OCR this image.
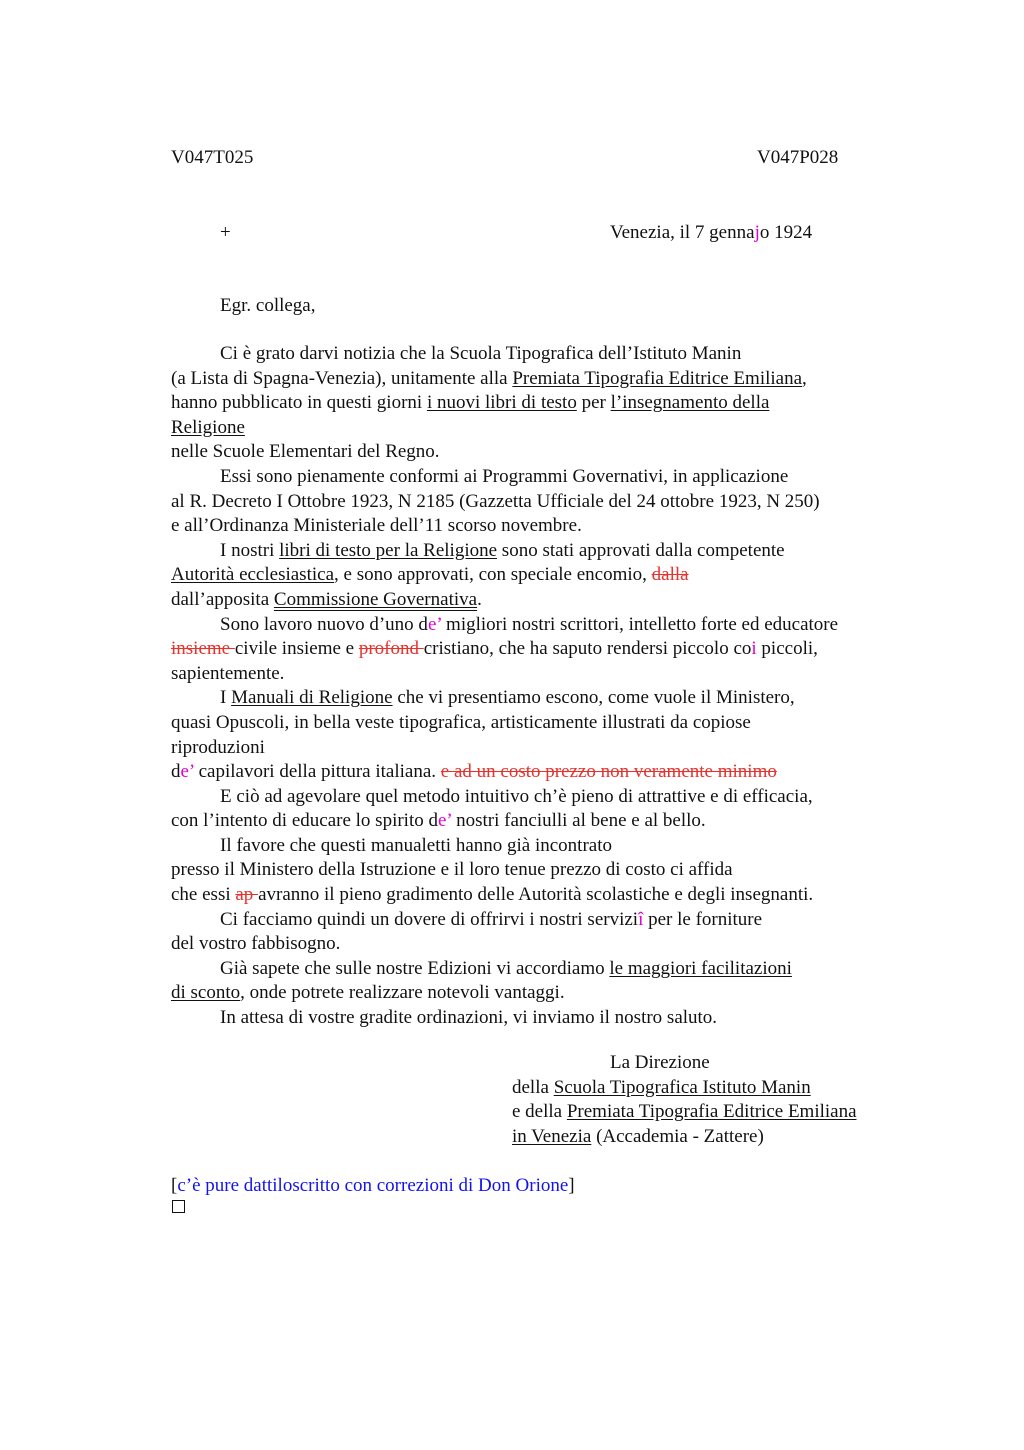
V047T025	V047P028
+	Venezia, il 7 gennajo 1924
Egr. collega,
Ci è grato darvi notizia che la Scuola Tipografica dell’Istituto Manin
(a Lista di Spagna-Venezia), unitamente alla Premiata Tipografia Editrice Emiliana,
hanno pubblicato in questi giorni i nuovi libri di testo per l’insegnamento della
Religione
nelle Scuole Elementari del Regno.
Essi sono pienamente conformi ai Programmi Governativi, in applicazione
al R. Decreto I Ottobre 1923, N 2185 (Gazzetta Ufficiale del 24 ottobre 1923, N 250)
e all’Ordinanza Ministeriale dell’11 scorso novembre.
I nostri libri di testo per la Religione sono stati approvati dalla competente
Autorità ecclesiastica, e sono approvati, con speciale encomio, dalla
dall’apposita Commissione Governativa.
Sono lavoro nuovo d’uno de’ migliori nostri scrittori, intelletto forte ed educatore
insieme civile insieme e profond cristiano, che ha saputo rendersi piccolo coi piccoli,
sapientemente.
I Manuali di Religione che vi presentiamo escono, come vuole il Ministero,
quasi Opuscoli, in bella veste tipografica, artisticamente illustrati da copiose
riproduzioni
de’ capilavori della pittura italiana. e ad un costo prezzo non veramente minimo
E ciò ad agevolare quel metodo intuitivo ch’è pieno di attrattive e di efficacia,
con l’intento di educare lo spirito de’ nostri fanciulli al bene e al bello.
Il favore che questi manualetti hanno già incontrato
presso il Ministero della Istruzione e il loro tenue prezzo di costo ci affida
che essi ap avranno il pieno gradimento delle Autorità scolastiche e degli insegnanti.
Ci facciamo quindi un dovere di offrirvi i nostri serviziî per le forniture
del vostro fabbisogno.
Già sapete che sulle nostre Edizioni vi accordiamo le maggiori facilitazioni
di sconto, onde potrete realizzare notevoli vantaggi.
In attesa di vostre gradite ordinazioni, vi inviamo il nostro saluto.
La Direzione
della Scuola Tipografica Istituto Manin
e della Premiata Tipografia Editrice Emiliana
in Venezia (Accademia - Zattere)
[c’è pure dattiloscritto con correzioni di Don Orione]
